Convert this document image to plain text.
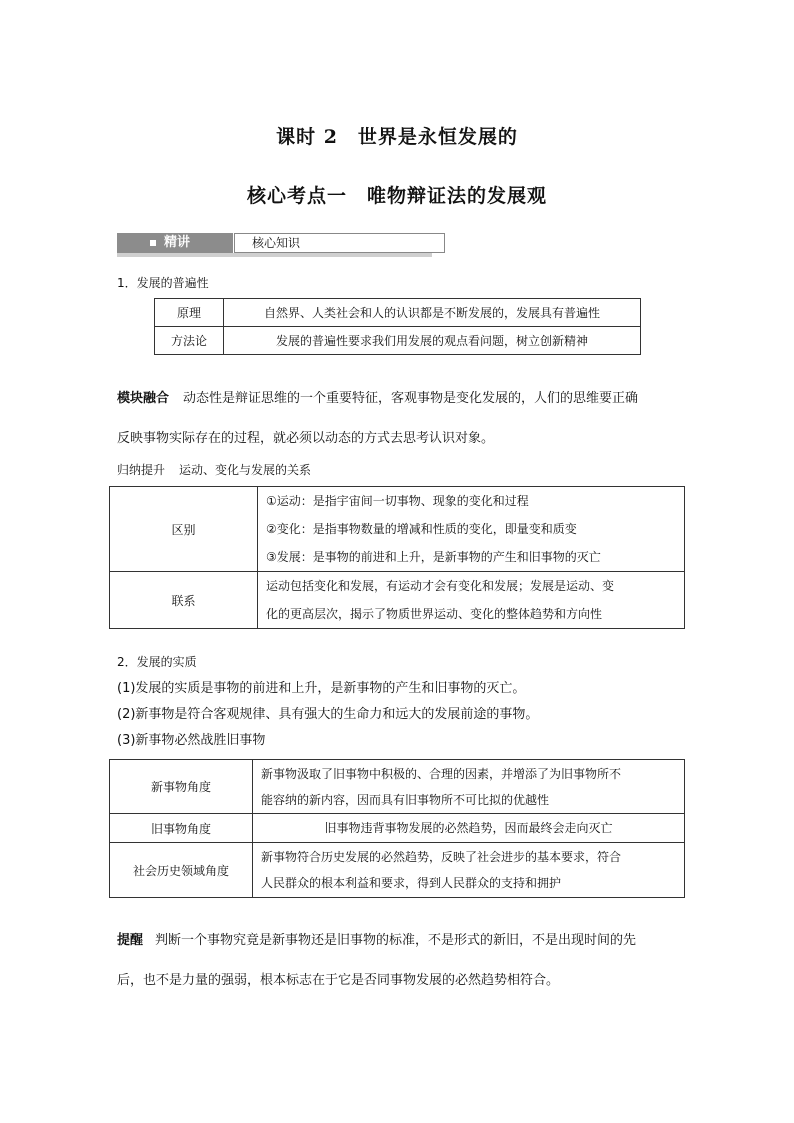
课时 2　世界是永恒发展的
核心考点一　唯物辩证法的发展观
精讲	核心知识
1．发展的普遍性
原理	自然界、人类社会和人的认识都是不断发展的，发展具有普遍性
方法论	发展的普遍性要求我们用发展的观点看问题，树立创新精神
模块融合 动态性是辩证思维的一个重要特征，客观事物是变化发展的，人们的思维要正确
反映事物实际存在的过程，就必须以动态的方式去思考认识对象。
归纳提升 运动、变化与发展的关系
区别	①运动：是指宇宙间一切事物、现象的变化和过程
②变化：是指事物数量的增减和性质的变化，即量变和质变
③发展：是事物的前进和上升，是新事物的产生和旧事物的灭亡

联系	运动包括变化和发展，有运动才会有变化和发展；发展是运动、变
化的更高层次，揭示了物质世界运动、变化的整体趋势和方向性
2．发展的实质
(1)发展的实质是事物的前进和上升，是新事物的产生和旧事物的灭亡。
(2)新事物是符合客观规律、具有强大的生命力和远大的发展前途的事物。
(3)新事物必然战胜旧事物
新事物角度	新事物汲取了旧事物中积极的、合理的因素，并增添了为旧事物所不
能容纳的新内容，因而具有旧事物所不可比拟的优越性

旧事物角度	旧事物违背事物发展的必然趋势，因而最终会走向灭亡

社会历史领域角度	新事物符合历史发展的必然趋势，反映了社会进步的基本要求，符合
人民群众的根本利益和要求，得到人民群众的支持和拥护
提醒 判断一个事物究竟是新事物还是旧事物的标准，不是形式的新旧，不是出现时间的先
后，也不是力量的强弱，根本标志在于它是否同事物发展的必然趋势相符合。
